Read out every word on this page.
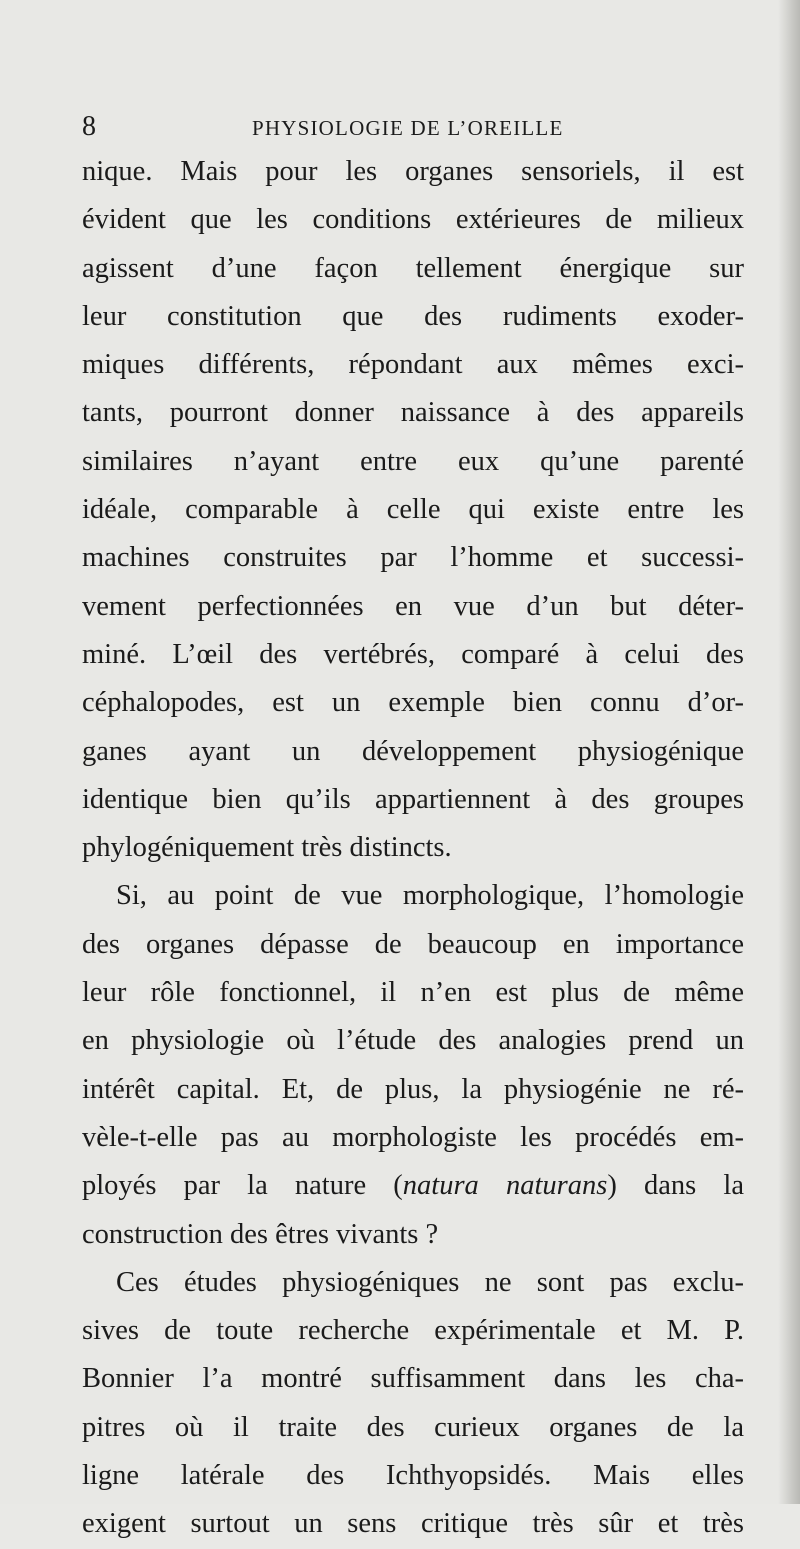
8	PHYSIOLOGIE DE L’OREILLE
nique. Mais pour les organes sensoriels, il est
évident que les conditions extérieures de milieux
agissent d’une façon tellement énergique sur
leur constitution que des rudiments exoder-
miques différents, répondant aux mêmes exci-
tants, pourront donner naissance à des appareils
similaires n’ayant entre eux qu’une parenté
idéale, comparable à celle qui existe entre les
machines construites par l’homme et successi-
vement perfectionnées en vue d’un but déter-
miné. L’œil des vertébrés, comparé à celui des
céphalopodes, est un exemple bien connu d’or-
ganes ayant un développement physiogénique
identique bien qu’ils appartiennent à des groupes
phylogéniquement très distincts.
Si, au point de vue morphologique, l’homologie
des organes dépasse de beaucoup en importance
leur rôle fonctionnel, il n’en est plus de même
en physiologie où l’étude des analogies prend un
intérêt capital. Et, de plus, la physiogénie ne ré-
vèle-t-elle pas au morphologiste les procédés em-
ployés par la nature (natura naturans) dans la
construction des êtres vivants ?
Ces études physiogéniques ne sont pas exclu-
sives de toute recherche expérimentale et M. P.
Bonnier l’a montré suffisamment dans les cha-
pitres où il traite des curieux organes de la
ligne latérale des Ichthyopsidés. Mais elles
exigent surtout un sens critique très sûr et très
